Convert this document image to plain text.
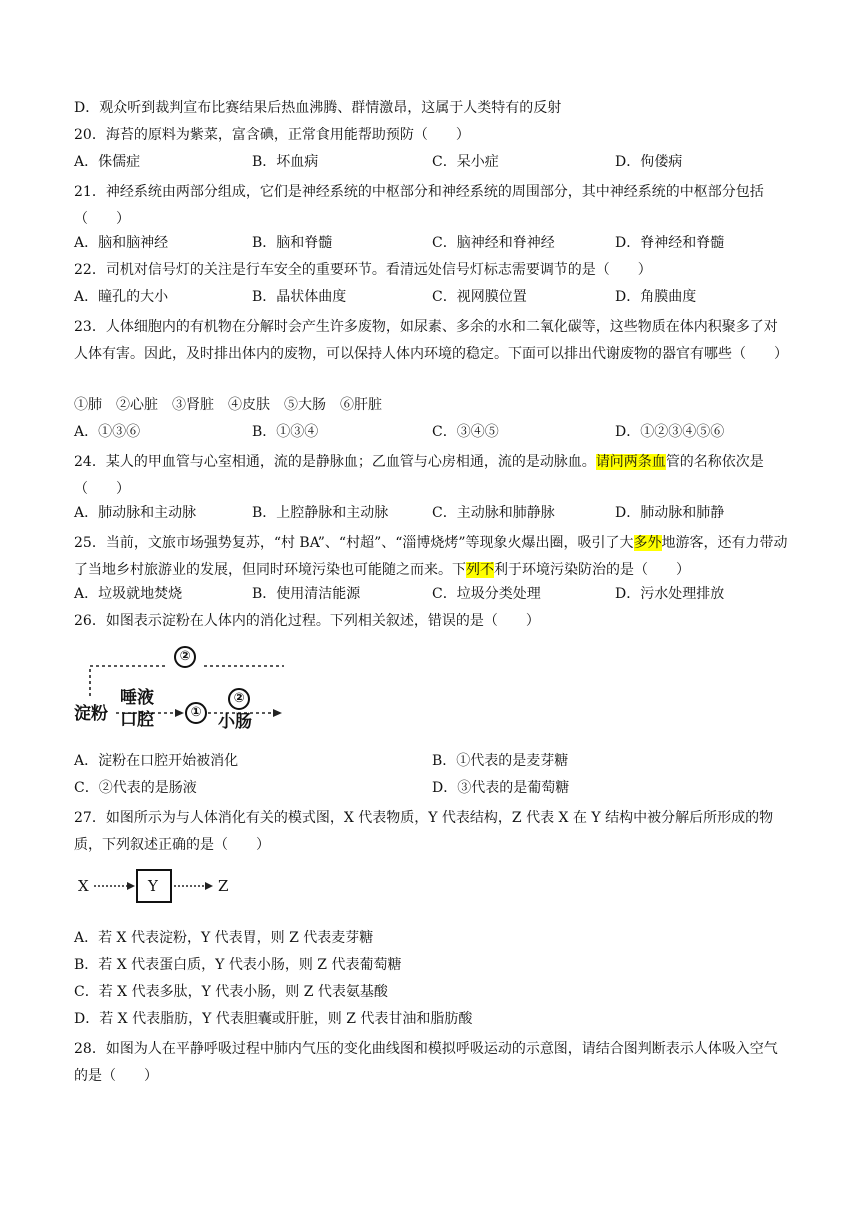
D．观众听到裁判宣布比赛结果后热血沸腾、群情激昂，这属于人类特有的反射
20．海苔的原料为紫菜，富含碘，正常食用能帮助预防（　　）
A．侏儒症	B．坏血病	C．呆小症	D．佝偻病
21．神经系统由两部分组成，它们是神经系统的中枢部分和神经系统的周围部分，其中神经系统的中枢部分包括（　　）
A．脑和脑神经	B．脑和脊髓	C．脑神经和脊神经	D．脊神经和脊髓
22．司机对信号灯的关注是行车安全的重要环节。看清远处信号灯标志需要调节的是（　　）
A．瞳孔的大小	B．晶状体曲度	C．视网膜位置	D．角膜曲度
23．人体细胞内的有机物在分解时会产生许多废物，如尿素、多余的水和二氧化碳等，这些物质在体内积聚多了对人体有害。因此，及时排出体内的废物，可以保持人体内环境的稳定。下面可以排出代谢废物的器官有哪些（　　）
①肺　②心脏　③肾脏　④皮肤　⑤大肠　⑥肝脏
A．①③⑥	B．①③④	C．③④⑤	D．①②③④⑤⑥
24．某人的甲血管与心室相通，流的是静脉血；乙血管与心房相通，流的是动脉血。请问两条血管的名称依次是（　　）
A．肺动脉和主动脉	B．上腔静脉和主动脉	C．主动脉和肺静脉	D．肺动脉和肺静
25．当前，文旅市场强势复苏，“村 BA”、“村超”、“淄博烧烤”等现象火爆出圈，吸引了大多外地游客，还有力带动了当地乡村旅游业的发展，但同时环境污染也可能随之而来。下列不利于环境污染防治的是（　　）
A．垃圾就地焚烧	B．使用清洁能源	C．垃圾分类处理	D．污水处理排放
26．如图表示淀粉在人体内的消化过程。下列相关叙述，错误的是（　　）
②
淀粉
唾液
口腔	①
②
小肠
A．淀粉在口腔开始被消化	B．①代表的是麦芽糖
C．②代表的是肠液	D．③代表的是葡萄糖
27．如图所示为与人体消化有关的模式图，X 代表物质，Y 代表结构，Z 代表 X 在 Y 结构中被分解后所形成的物质，下列叙述正确的是（　　）
X	Y	Z
A．若 X 代表淀粉，Y 代表胃，则 Z 代表麦芽糖
B．若 X 代表蛋白质，Y 代表小肠，则 Z 代表葡萄糖
C．若 X 代表多肽，Y 代表小肠，则 Z 代表氨基酸
D．若 X 代表脂肪，Y 代表胆囊或肝脏，则 Z 代表甘油和脂肪酸
28．如图为人在平静呼吸过程中肺内气压的变化曲线图和模拟呼吸运动的示意图，请结合图判断表示人体吸入空气的是（　　）
